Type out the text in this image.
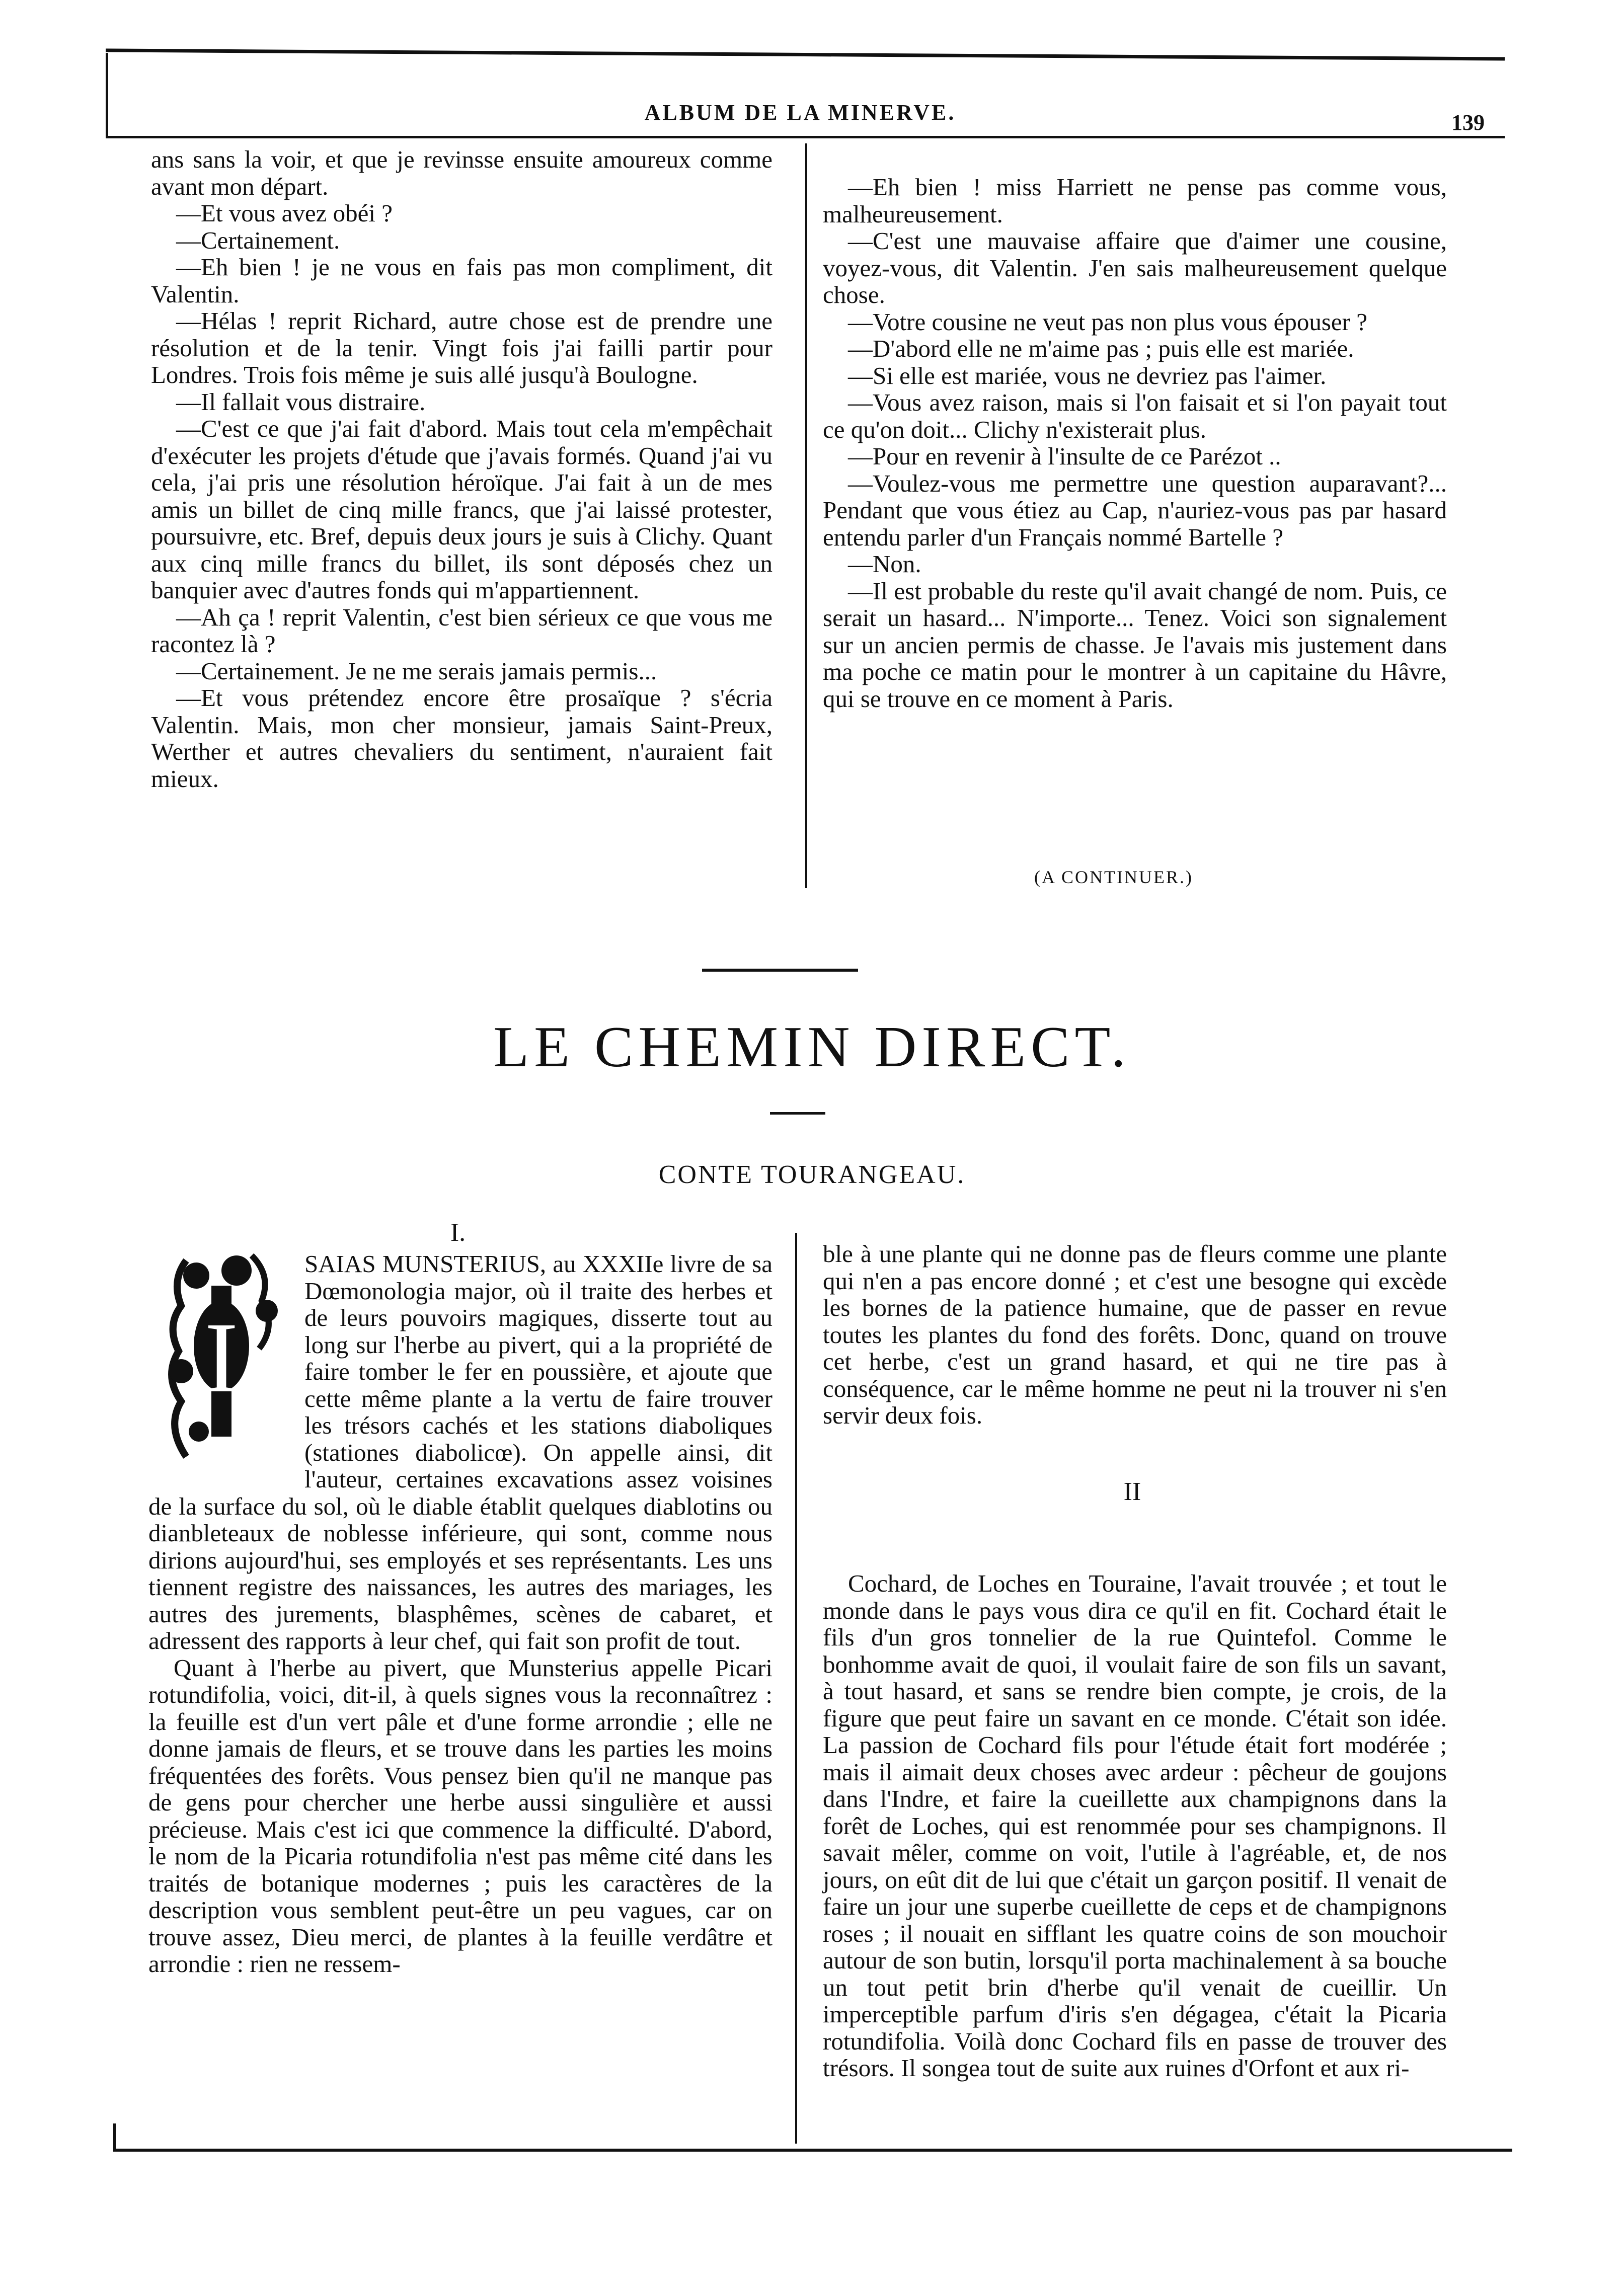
ALBUM DE LA MINERVE.	139

ans sans la voir, et que je revinsse ensuite amoureux comme avant mon départ.

—Et vous avez obéi ?

—Certainement.

—Eh bien ! je ne vous en fais pas mon compliment, dit Valentin.

—Hélas ! reprit Richard, autre chose est de prendre une résolution et de la tenir. Vingt fois j'ai failli partir pour Londres. Trois fois même je suis allé jusqu'à Boulogne.

—Il fallait vous distraire.

—C'est ce que j'ai fait d'abord. Mais tout cela m'empêchait d'exécuter les projets d'étude que j'avais formés. Quand j'ai vu cela, j'ai pris une résolution héroïque. J'ai fait à un de mes amis un billet de cinq mille francs, que j'ai laissé protester, poursuivre, etc. Bref, depuis deux jours je suis à Clichy. Quant aux cinq mille francs du billet, ils sont déposés chez un banquier avec d'autres fonds qui m'appartiennent.

—Ah ça ! reprit Valentin, c'est bien sérieux ce que vous me racontez là ?

—Certainement. Je ne me serais jamais permis...

—Et vous prétendez encore être prosaïque ? s'écria Valentin. Mais, mon cher monsieur, jamais Saint-Preux, Werther et autres chevaliers du sentiment, n'auraient fait mieux.

—Eh bien ! miss Harriett ne pense pas comme vous, malheureusement.

—C'est une mauvaise affaire que d'aimer une cousine, voyez-vous, dit Valentin. J'en sais malheureusement quelque chose.

—Votre cousine ne veut pas non plus vous épouser ?

—D'abord elle ne m'aime pas ; puis elle est mariée.

—Si elle est mariée, vous ne devriez pas l'aimer.

—Vous avez raison, mais si l'on faisait et si l'on payait tout ce qu'on doit... Clichy n'existerait plus.

—Pour en revenir à l'insulte de ce Parézot ..

—Voulez-vous me permettre une question auparavant?... Pendant que vous étiez au Cap, n'auriez-vous pas par hasard entendu parler d'un Français nommé Bartelle ?

—Non.

—Il est probable du reste qu'il avait changé de nom. Puis, ce serait un hasard... N'importe... Tenez. Voici son signalement sur un ancien permis de chasse. Je l'avais mis justement dans ma poche ce matin pour le montrer à un capitaine du Hâvre, qui se trouve en ce moment à Paris.

(A CONTINUER.)
LE CHEMIN DIRECT.
CONTE TOURANGEAU.
I.
I

SAIAS MUNSTERIUS, au XXXIIe livre de sa Dœmonologia major, où il traite des herbes et de leurs pouvoirs magiques, disserte tout au long sur l'herbe au pivert, qui a la propriété de faire tomber le fer en poussière, et ajoute que cette même plante a la vertu de faire trouver les trésors cachés et les stations diaboliques (stationes diabolicœ). On appelle ainsi, dit l'auteur, certaines excavations assez voisines de la surface du sol, où le diable établit quelques diablotins ou dianbleteaux de noblesse inférieure, qui sont, comme nous dirions aujourd'hui, ses employés et ses représentants. Les uns tiennent registre des naissances, les autres des mariages, les autres des jurements, blasphêmes, scènes de cabaret, et adressent des rapports à leur chef, qui fait son profit de tout.

Quant à l'herbe au pivert, que Munsterius appelle Picari rotundifolia, voici, dit-il, à quels signes vous la reconnaîtrez : la feuille est d'un vert pâle et d'une forme arrondie ; elle ne donne jamais de fleurs, et se trouve dans les parties les moins fréquentées des forêts. Vous pensez bien qu'il ne manque pas de gens pour chercher une herbe aussi singulière et aussi précieuse. Mais c'est ici que commence la difficulté. D'abord, le nom de la Picaria rotundifolia n'est pas même cité dans les traités de botanique modernes ; puis les caractères de la description vous semblent peut-être un peu vagues, car on trouve assez, Dieu merci, de plantes à la feuille verdâtre et arrondie : rien ne ressem-

ble à une plante qui ne donne pas de fleurs comme une plante qui n'en a pas encore donné ; et c'est une besogne qui excède les bornes de la patience humaine, que de passer en revue toutes les plantes du fond des forêts. Donc, quand on trouve cet herbe, c'est un grand hasard, et qui ne tire pas à conséquence, car le même homme ne peut ni la trouver ni s'en servir deux fois.

II

Cochard, de Loches en Touraine, l'avait trouvée ; et tout le monde dans le pays vous dira ce qu'il en fit. Cochard était le fils d'un gros tonnelier de la rue Quintefol. Comme le bonhomme avait de quoi, il voulait faire de son fils un savant, à tout hasard, et sans se rendre bien compte, je crois, de la figure que peut faire un savant en ce monde. C'était son idée. La passion de Cochard fils pour l'étude était fort modérée ; mais il aimait deux choses avec ardeur : pêcheur de goujons dans l'Indre, et faire la cueillette aux champignons dans la forêt de Loches, qui est renommée pour ses champignons. Il savait mêler, comme on voit, l'utile à l'agréable, et, de nos jours, on eût dit de lui que c'était un garçon positif. Il venait de faire un jour une superbe cueillette de ceps et de champignons roses ; il nouait en sifflant les quatre coins de son mouchoir autour de son butin, lorsqu'il porta machinalement à sa bouche un tout petit brin d'herbe qu'il venait de cueillir. Un imperceptible parfum d'iris s'en dégagea, c'était la Picaria rotundifolia. Voilà donc Cochard fils en passe de trouver des trésors. Il songea tout de suite aux ruines d'Orfont et aux ri-
